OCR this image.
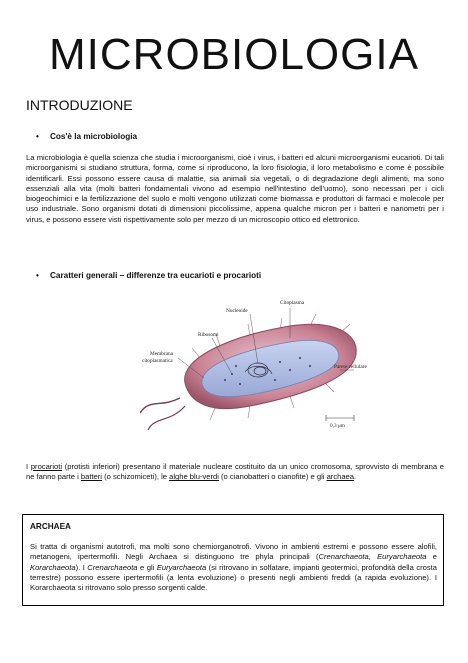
MICROBIOLOGIA
INTRODUZIONE
• Cos'è la microbiologia
La microbiologia è quella scienza che studia i microorganismi, cioè i virus, i batteri ed alcuni microorganismi eucarioti. Di tali microorganismi si studiano struttura, forma, come si riproducono, la loro fisiologia, il loro metabolismo e come è possibile identificarli. Essi possono essere causa di malattie, sia animali sia vegetali, o di degradazione degli alimenti, ma sono essenziali alla vita (molti batteri fondamentali vivono ad esempio nell'intestino dell'uomo), sono necessari per i cicli biogeochimici e la fertilizzazione del suolo e molti vengono utilizzati come biomassa e produttori di farmaci e molecole per uso industriale. Sono organismi dotati di dimensioni piccolissime, appena qualche micron per i batteri e nanometri per i virus, e possono essere visti rispettivamente solo per mezzo di un microscopio ottico ed elettronico.
• Caratteri generali – differenze tra eucarioti e procarioti
Nucleoide
Citoplasma
Ribosomi
Membrana
citoplasmatica
Parete cellulare
0,3 μm
I procarioti (protisti inferiori) presentano il materiale nucleare costituito da un unico cromosoma, sprovvisto di membrana e ne fanno parte i batteri (o schizomiceti), le alghe blu-verdi (o cianobatteri o cianofite) e gli archaea.
ARCHAEA
Si tratta di organismi autotrofi, ma molti sono chemiorganotrofi. Vivono in ambienti estremi e possono essere alofili, metanogeni, ipertermofili. Negli Archaea si distinguono tre phyla principali (Crenarchaeota, Euryarchaeota e Korarchaeota). I Crenarchaeota e gli Euryarchaeota (si ritrovano in solfatare, impianti geotermici, profondità della crosta terrestre) possono essere ipertermofili (a lenta evoluzione) o presenti negli ambienti freddi (a rapida evoluzione). I Korarchaeota si ritrovano solo presso sorgenti calde.
